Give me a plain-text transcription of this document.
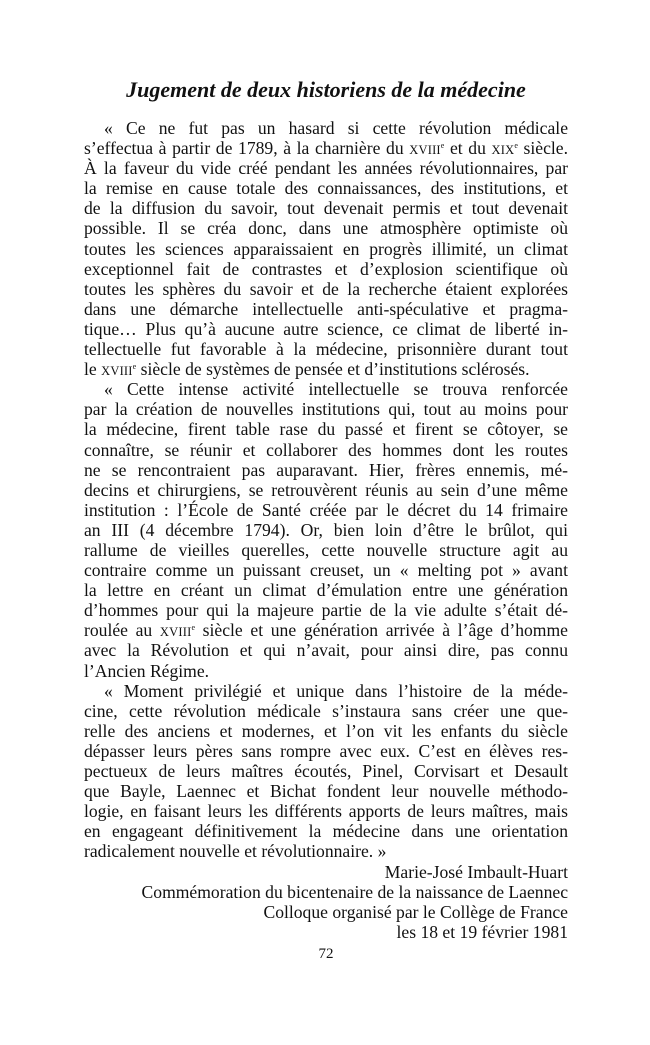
Jugement de deux historiens de la médecine
« Ce ne fut pas un hasard si cette révolution médicale
s’effectua à partir de 1789, à la charnière du XVIIIe et du XIXe siècle.
À la faveur du vide créé pendant les années révolutionnaires, par
la remise en cause totale des connaissances, des institutions, et
de la diffusion du savoir, tout devenait permis et tout devenait
possible. Il se créa donc, dans une atmosphère optimiste où
toutes les sciences apparaissaient en progrès illimité, un climat
exceptionnel fait de contrastes et d’explosion scientifique où
toutes les sphères du savoir et de la recherche étaient explorées
dans une démarche intellectuelle anti-spéculative et pragma-
tique… Plus qu’à aucune autre science, ce climat de liberté in-
tellectuelle fut favorable à la médecine, prisonnière durant tout
le XVIIIe siècle de systèmes de pensée et d’institutions sclérosés.
« Cette intense activité intellectuelle se trouva renforcée
par la création de nouvelles institutions qui, tout au moins pour
la médecine, firent table rase du passé et firent se côtoyer, se
connaître, se réunir et collaborer des hommes dont les routes
ne se rencontraient pas auparavant. Hier, frères ennemis, mé-
decins et chirurgiens, se retrouvèrent réunis au sein d’une même
institution : l’École de Santé créée par le décret du 14 frimaire
an III (4 décembre 1794). Or, bien loin d’être le brûlot, qui
rallume de vieilles querelles, cette nouvelle structure agit au
contraire comme un puissant creuset, un « melting pot » avant
la lettre en créant un climat d’émulation entre une génération
d’hommes pour qui la majeure partie de la vie adulte s’était dé-
roulée au XVIIIe siècle et une génération arrivée à l’âge d’homme
avec la Révolution et qui n’avait, pour ainsi dire, pas connu
l’Ancien Régime.
« Moment privilégié et unique dans l’histoire de la méde-
cine, cette révolution médicale s’instaura sans créer une que-
relle des anciens et modernes, et l’on vit les enfants du siècle
dépasser leurs pères sans rompre avec eux. C’est en élèves res-
pectueux de leurs maîtres écoutés, Pinel, Corvisart et Desault
que Bayle, Laennec et Bichat fondent leur nouvelle méthodo-
logie, en faisant leurs les différents apports de leurs maîtres, mais
en engageant définitivement la médecine dans une orientation
radicalement nouvelle et révolutionnaire. »
Marie-José Imbault-Huart
Commémoration du bicentenaire de la naissance de Laennec
Colloque organisé par le Collège de France
les 18 et 19 février 1981
72
